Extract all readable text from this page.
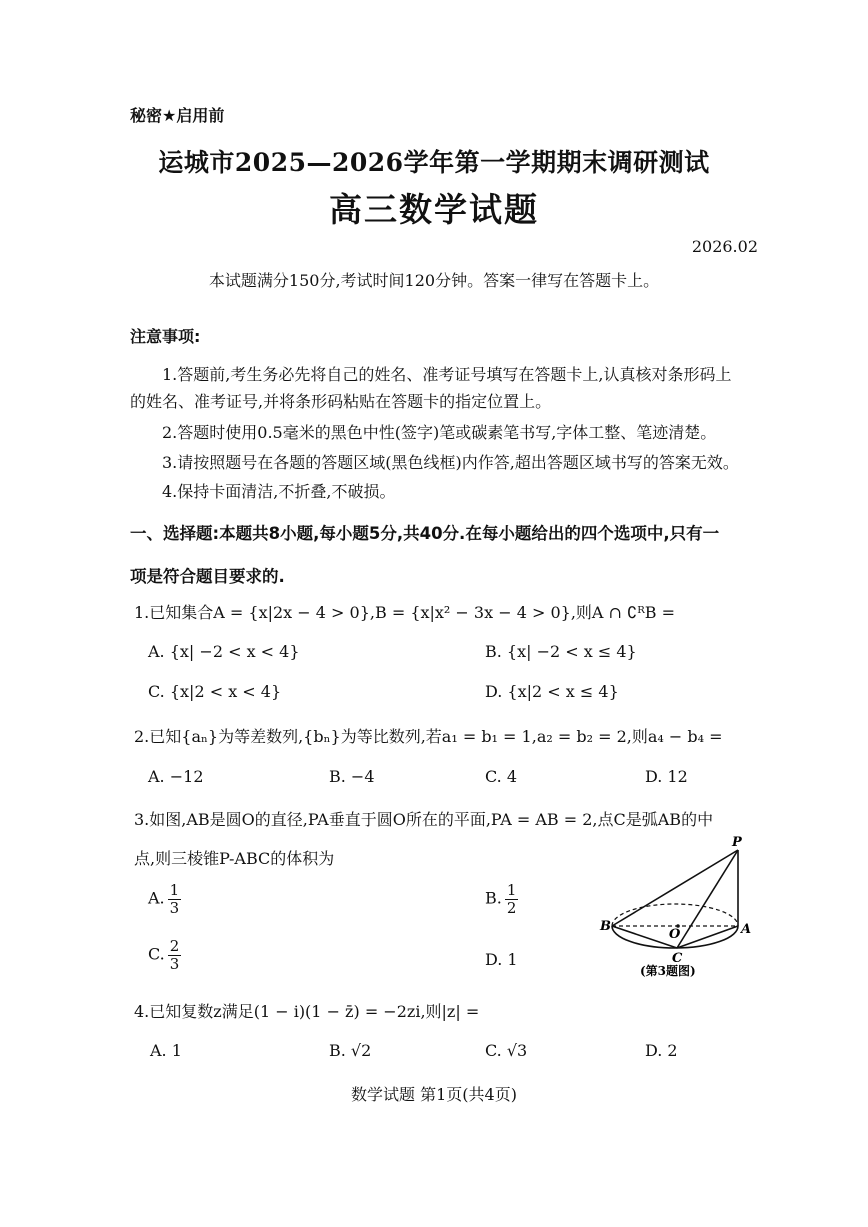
秘密★启用前
运城市2025—2026学年第一学期期末调研测试
高三数学试题
2026.02
本试题满分150分,考试时间120分钟。答案一律写在答题卡上。
注意事项:
1.答题前,考生务必先将自己的姓名、准考证号填写在答题卡上,认真核对条形码上
的姓名、准考证号,并将条形码粘贴在答题卡的指定位置上。
2.答题时使用0.5毫米的黑色中性(签字)笔或碳素笔书写,字体工整、笔迹清楚。
3.请按照题号在各题的答题区域(黑色线框)内作答,超出答题区域书写的答案无效。
4.保持卡面清洁,不折叠,不破损。
一、选择题:本题共8小题,每小题5分,共40分.在每小题给出的四个选项中,只有一
项是符合题目要求的.
1.已知集合A = {x|2x − 4 > 0},B = {x|x² − 3x − 4 > 0},则A ∩ ∁ᴿB =
A. {x| −2 < x < 4}	B. {x| −2 < x ≤ 4}
C. {x|2 < x < 4}	D. {x|2 < x ≤ 4}
2.已知{aₙ}为等差数列,{bₙ}为等比数列,若a₁ = b₁ = 1,a₂ = b₂ = 2,则a₄ − b₄ =
A. −12	B. −4	C. 4	D. 12
3.如图,AB是圆O的直径,PA垂直于圆O所在的平面,PA = AB = 2,点C是弧AB的中
点,则三棱锥P-ABC的体积为
A. $\frac{1}{3}$	B. $\frac{1}{2}$
C. $\frac{2}{3}$	D. 1
P
B
O	A
C
(第3题图)
4.已知复数z满足(1 − i)(1 − z̄) = −2zi,则|z| =
A. 1	B. √2	C. √3	D. 2
数学试题 第1页(共4页)
